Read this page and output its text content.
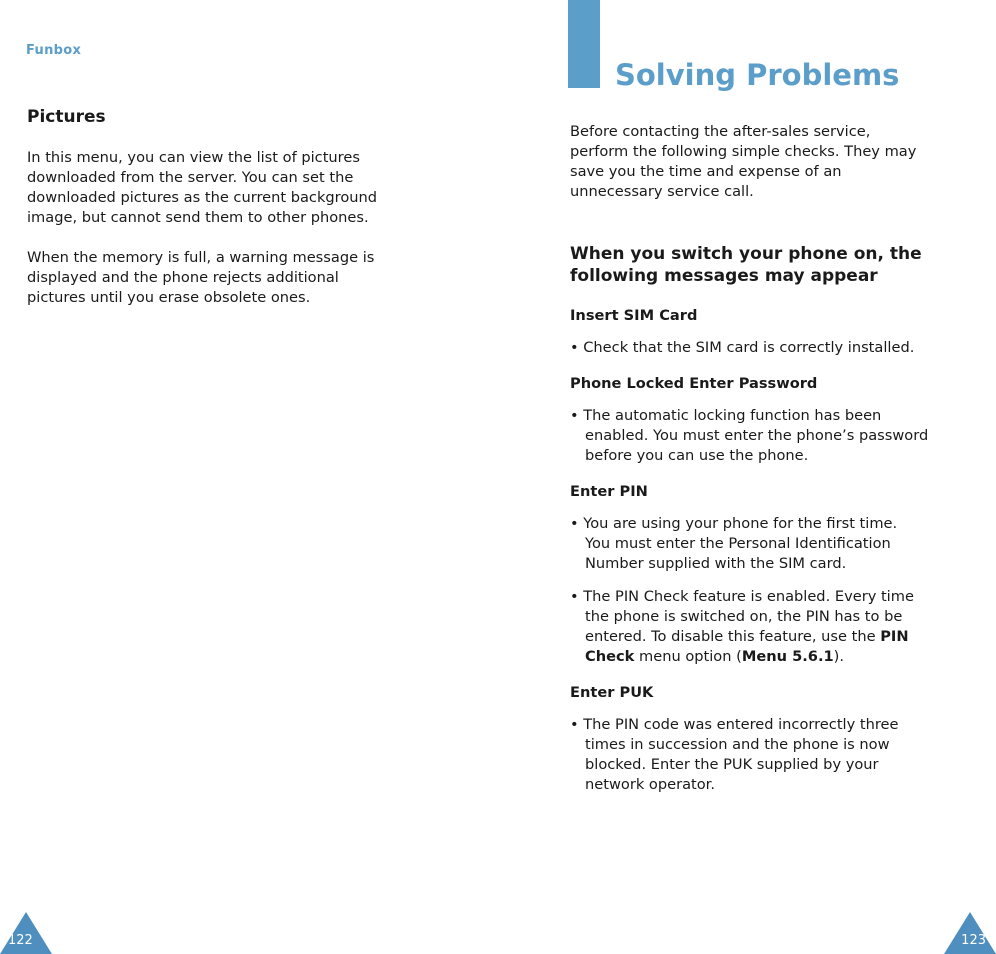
Funbox
Pictures

In this menu, you can view the list of pictures
downloaded from the server. You can set the
downloaded pictures as the current background
image, but cannot send them to other phones.

When the memory is full, a warning message is
displayed and the phone rejects additional
pictures until you erase obsolete ones.

122
Solving Problems

Before contacting the after-sales service,
perform the following simple checks. They may
save you the time and expense of an
unnecessary service call.

When you switch your phone on, the
following messages may appear
Insert SIM Card

• Check that the SIM card is correctly installed.

Phone Locked Enter Password

• The automatic locking function has been
enabled. You must enter the phone’s password
before you can use the phone.

Enter PIN

• You are using your phone for the first time.
You must enter the Personal Identification
Number supplied with the SIM card.

• The PIN Check feature is enabled. Every time
the phone is switched on, the PIN has to be
entered. To disable this feature, use the PIN
Check menu option (Menu 5.6.1).

Enter PUK

• The PIN code was entered incorrectly three
times in succession and the phone is now
blocked. Enter the PUK supplied by your
network operator.

123
